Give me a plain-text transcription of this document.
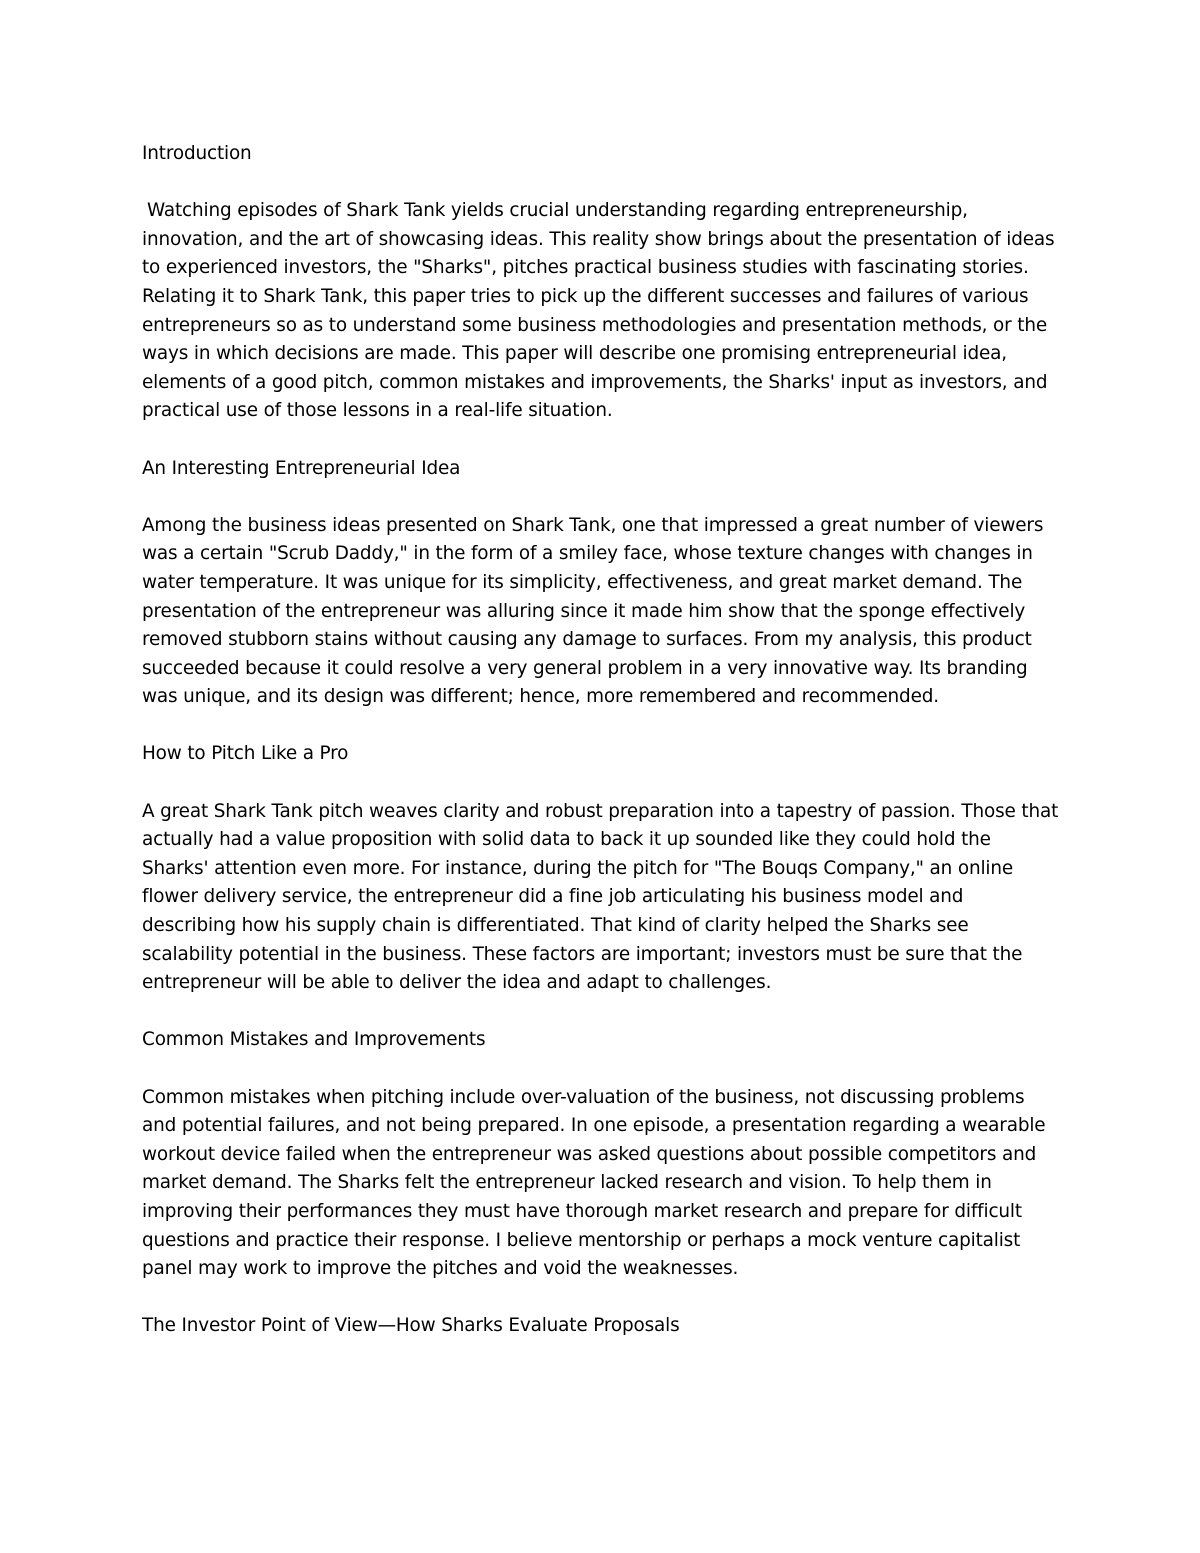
Introduction

Watching episodes of Shark Tank yields crucial understanding regarding entrepreneurship, innovation, and the art of showcasing ideas. This reality show brings about the presentation of ideas to experienced investors, the "Sharks", pitches practical business studies with fascinating stories. Relating it to Shark Tank, this paper tries to pick up the different successes and failures of various entrepreneurs so as to understand some business methodologies and presentation methods, or the ways in which decisions are made. This paper will describe one promising entrepreneurial idea, elements of a good pitch, common mistakes and improvements, the Sharks' input as investors, and practical use of those lessons in a real-life situation.

An Interesting Entrepreneurial Idea

Among the business ideas presented on Shark Tank, one that impressed a great number of viewers was a certain "Scrub Daddy," in the form of a smiley face, whose texture changes with changes in water temperature. It was unique for its simplicity, effectiveness, and great market demand. The presentation of the entrepreneur was alluring since it made him show that the sponge effectively removed stubborn stains without causing any damage to surfaces. From my analysis, this product succeeded because it could resolve a very general problem in a very innovative way. Its branding was unique, and its design was different; hence, more remembered and recommended.

How to Pitch Like a Pro

A great Shark Tank pitch weaves clarity and robust preparation into a tapestry of passion. Those that actually had a value proposition with solid data to back it up sounded like they could hold the Sharks' attention even more. For instance, during the pitch for "The Bouqs Company," an online flower delivery service, the entrepreneur did a fine job articulating his business model and describing how his supply chain is differentiated. That kind of clarity helped the Sharks see scalability potential in the business. These factors are important; investors must be sure that the entrepreneur will be able to deliver the idea and adapt to challenges.

Common Mistakes and Improvements

Common mistakes when pitching include over-valuation of the business, not discussing problems and potential failures, and not being prepared. In one episode, a presentation regarding a wearable workout device failed when the entrepreneur was asked questions about possible competitors and market demand. The Sharks felt the entrepreneur lacked research and vision. To help them in improving their performances they must have thorough market research and prepare for difficult questions and practice their response. I believe mentorship or perhaps a mock venture capitalist panel may work to improve the pitches and void the weaknesses.

The Investor Point of View—How Sharks Evaluate Proposals
